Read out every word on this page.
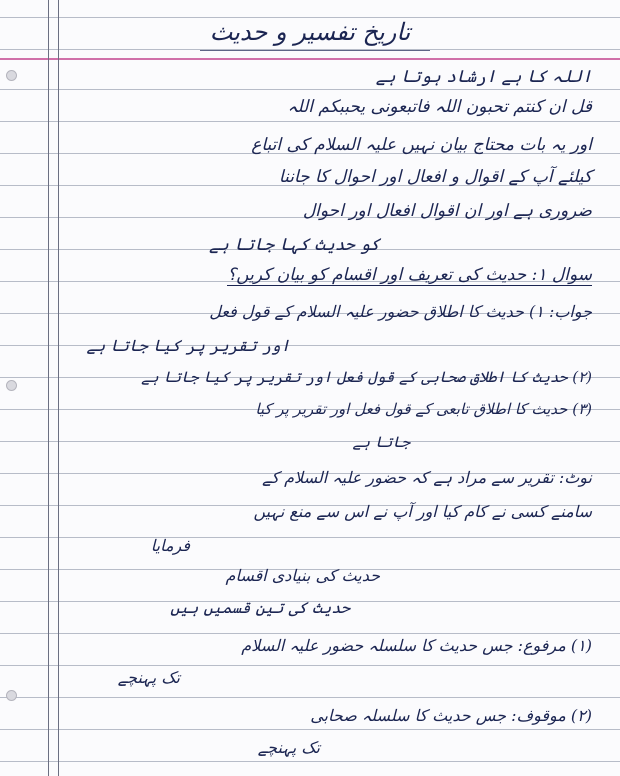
تاریخ تفسیر و حدیث
اللہ کا ہے ارشاد ہوتا ہے
قل ان کنتم تحبون اللہ فاتبعونی یحببکم اللہ
اور یہ بات محتاج بیان نہیں علیہ السلام کی اتباع
کیلئے آپ کے اقوال و افعال اور احوال کا جاننا
ضروری ہے اور ان اقوال افعال اور احوال
کو حدیث کہا جاتا ہے
سوال ۱: حدیث کی تعریف اور اقسام کو بیان کریں؟
جواب: ۱) حدیث کا اطلاق حضور علیہ السلام کے قول فعل
اور تقریر پر کیا جاتا ہے
(۲) حدیث کا اطلاق صحابی کے قول فعل اور تقریر پر کیا جاتا ہے
(۳) حدیث کا اطلاق تابعی کے قول فعل اور تقریر پر کیا
جاتا ہے
نوٹ: تقریر سے مراد ہے کہ حضور علیہ السلام کے
سامنے کسی نے کام کیا اور آپ نے اس سے منع نہیں
فرمایا
حدیث کی بنیادی اقسام
حدیث کی تین قسمیں ہیں
(۱) مرفوع: جس حدیث کا سلسلہ حضور علیہ السلام
تک پہنچے
(۲) موقوف: جس حدیث کا سلسلہ صحابی
تک پہنچے
